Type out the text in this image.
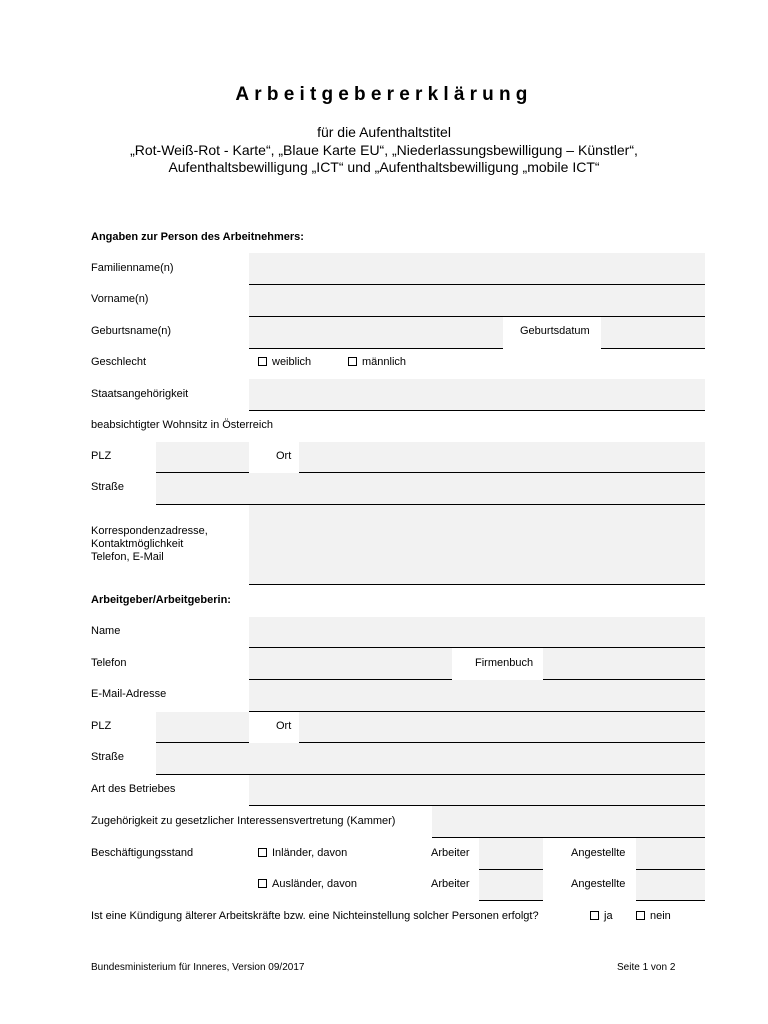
Arbeitgebererklärung
für die Aufenthaltstitel
„Rot-Weiß-Rot - Karte“, „Blaue Karte EU“, „Niederlassungsbewilligung – Künstler“,
Aufenthaltsbewilligung „ICT“ und „Aufenthaltsbewilligung „mobile ICT“
Angaben zur Person des Arbeitnehmers:
Familienname(n)
Vorname(n)
Geburtsname(n)	Geburtsdatum
Geschlecht	weiblich	männlich
Staatsangehörigkeit
beabsichtigter Wohnsitz in Österreich
PLZ	Ort
Straße
Korrespondenzadresse,
Kontaktmöglichkeit
Telefon, E-Mail
Arbeitgeber/Arbeitgeberin:
Name
Telefon	Firmenbuch
E-Mail-Adresse
PLZ	Ort
Straße
Art des Betriebes
Zugehörigkeit zu gesetzlicher Interessensvertretung (Kammer)
Beschäftigungsstand	Inländer, davon	Arbeiter	Angestellte
Ausländer, davon	Arbeiter	Angestellte
Ist eine Kündigung älterer Arbeitskräfte bzw. eine Nichteinstellung solcher Personen erfolgt?	ja	nein
Bundesministerium für Inneres, Version 09/2017	Seite 1 von 2
